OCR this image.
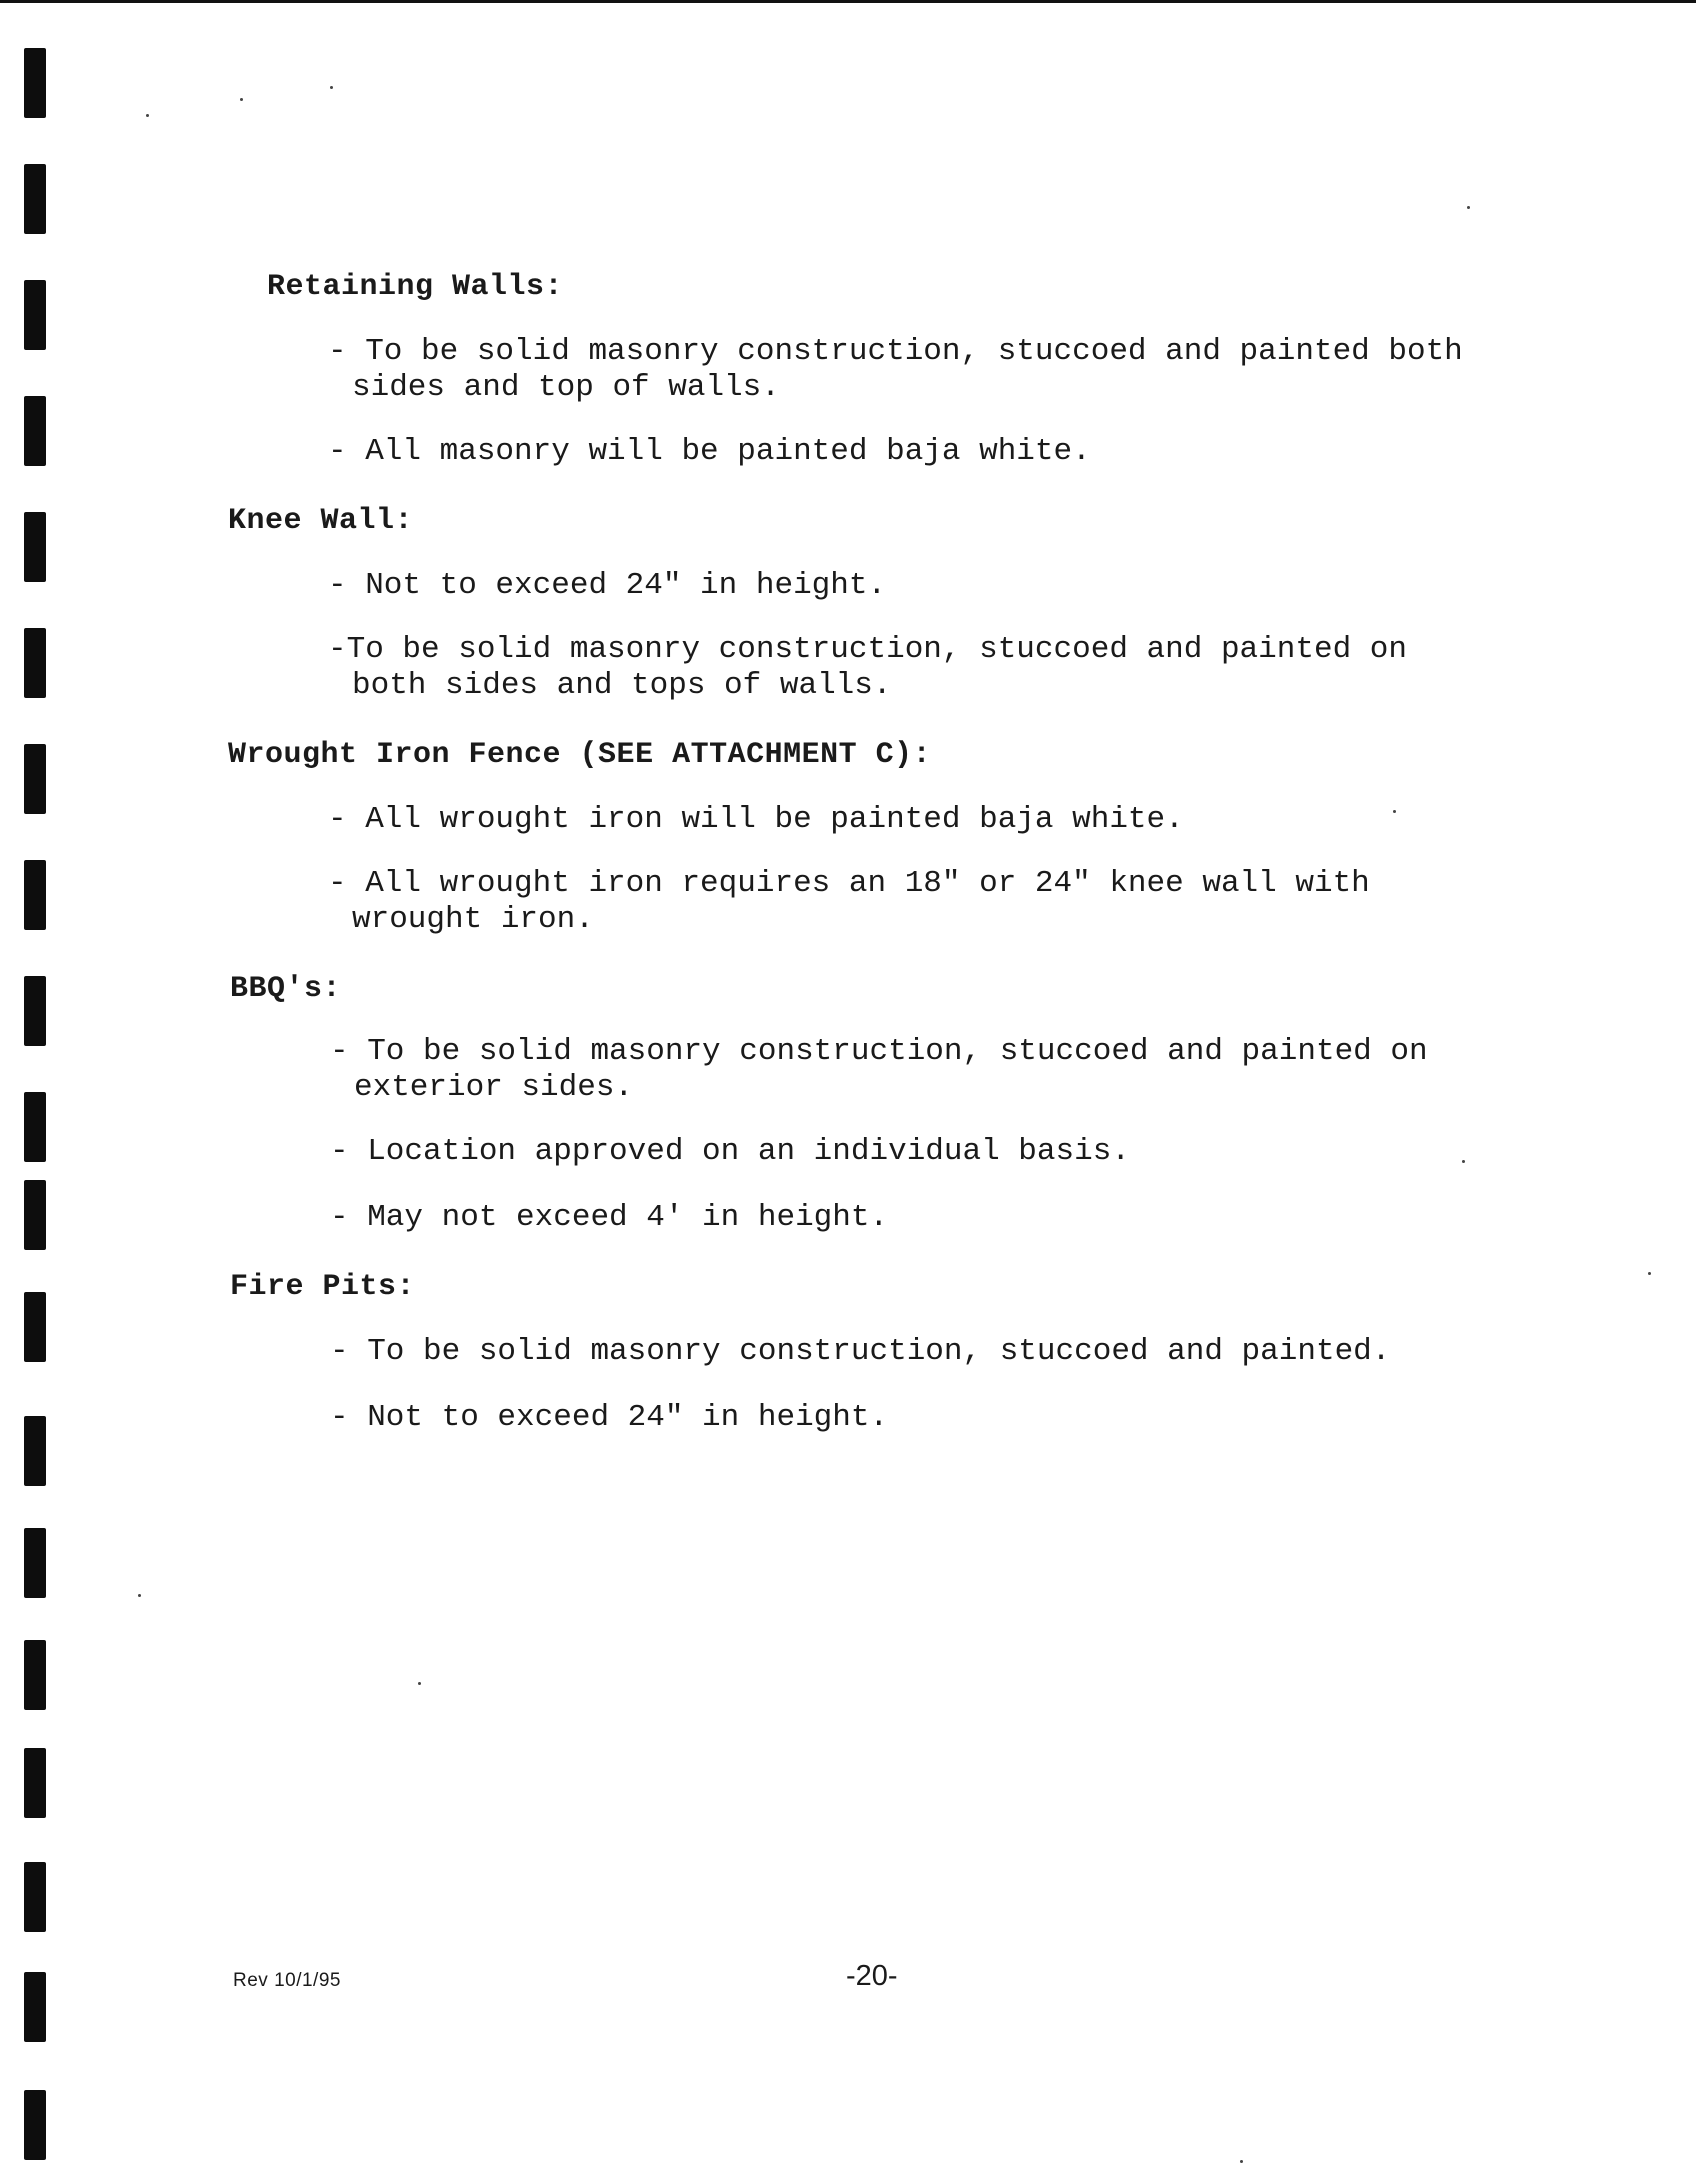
Retaining Walls:
- To be solid masonry construction, stuccoed and painted both
sides and top of walls.
- All masonry will be painted baja white.
Knee Wall:
- Not to exceed 24" in height.
-To be solid masonry construction, stuccoed and painted on
both sides and tops of walls.
Wrought Iron Fence (SEE ATTACHMENT C):
- All wrought iron will be painted baja white.
- All wrought iron requires an 18" or 24" knee wall with
wrought iron.
BBQ's:
- To be solid masonry construction, stuccoed and painted on
exterior sides.
- Location approved on an individual basis.
- May not exceed 4' in height.
Fire Pits:
- To be solid masonry construction, stuccoed and painted.
- Not to exceed 24" in height.
Rev 10/1/95	-20-
